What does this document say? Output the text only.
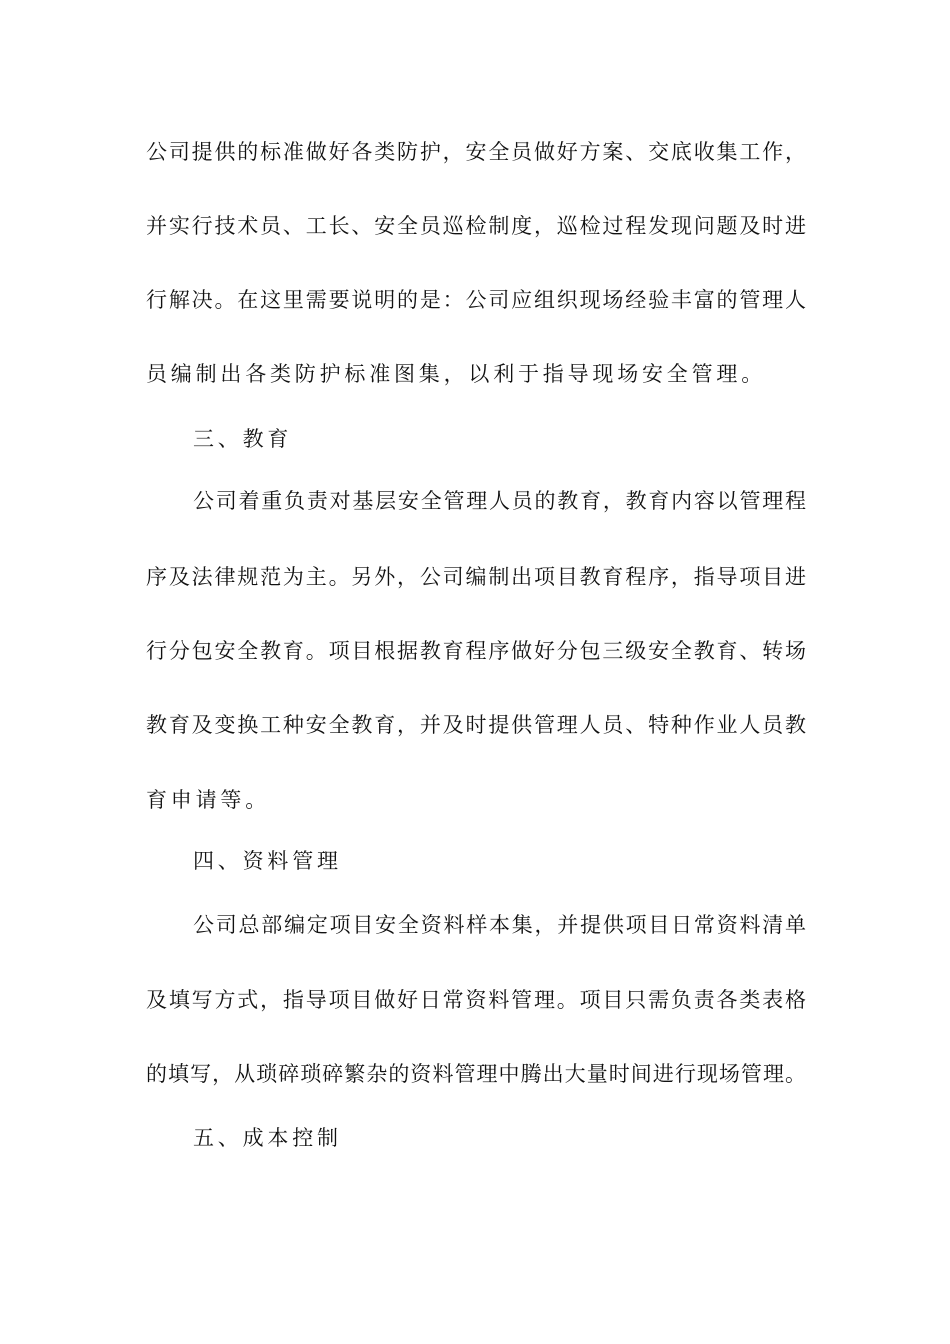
公司提供的标准做好各类防护，安全员做好方案、交底收集工作，
并实行技术员、工长、安全员巡检制度，巡检过程发现问题及时进
行解决。在这里需要说明的是：公司应组织现场经验丰富的管理人
员编制出各类防护标准图集，以利于指导现场安全管理。
三、教育
公司着重负责对基层安全管理人员的教育，教育内容以管理程
序及法律规范为主。另外，公司编制出项目教育程序，指导项目进
行分包安全教育。项目根据教育程序做好分包三级安全教育、转场
教育及变换工种安全教育，并及时提供管理人员、特种作业人员教
育申请等。
四、资料管理
公司总部编定项目安全资料样本集，并提供项目日常资料清单
及填写方式，指导项目做好日常资料管理。项目只需负责各类表格
的填写，从琐碎琐碎繁杂的资料管理中腾出大量时间进行现场管理。
五、成本控制
